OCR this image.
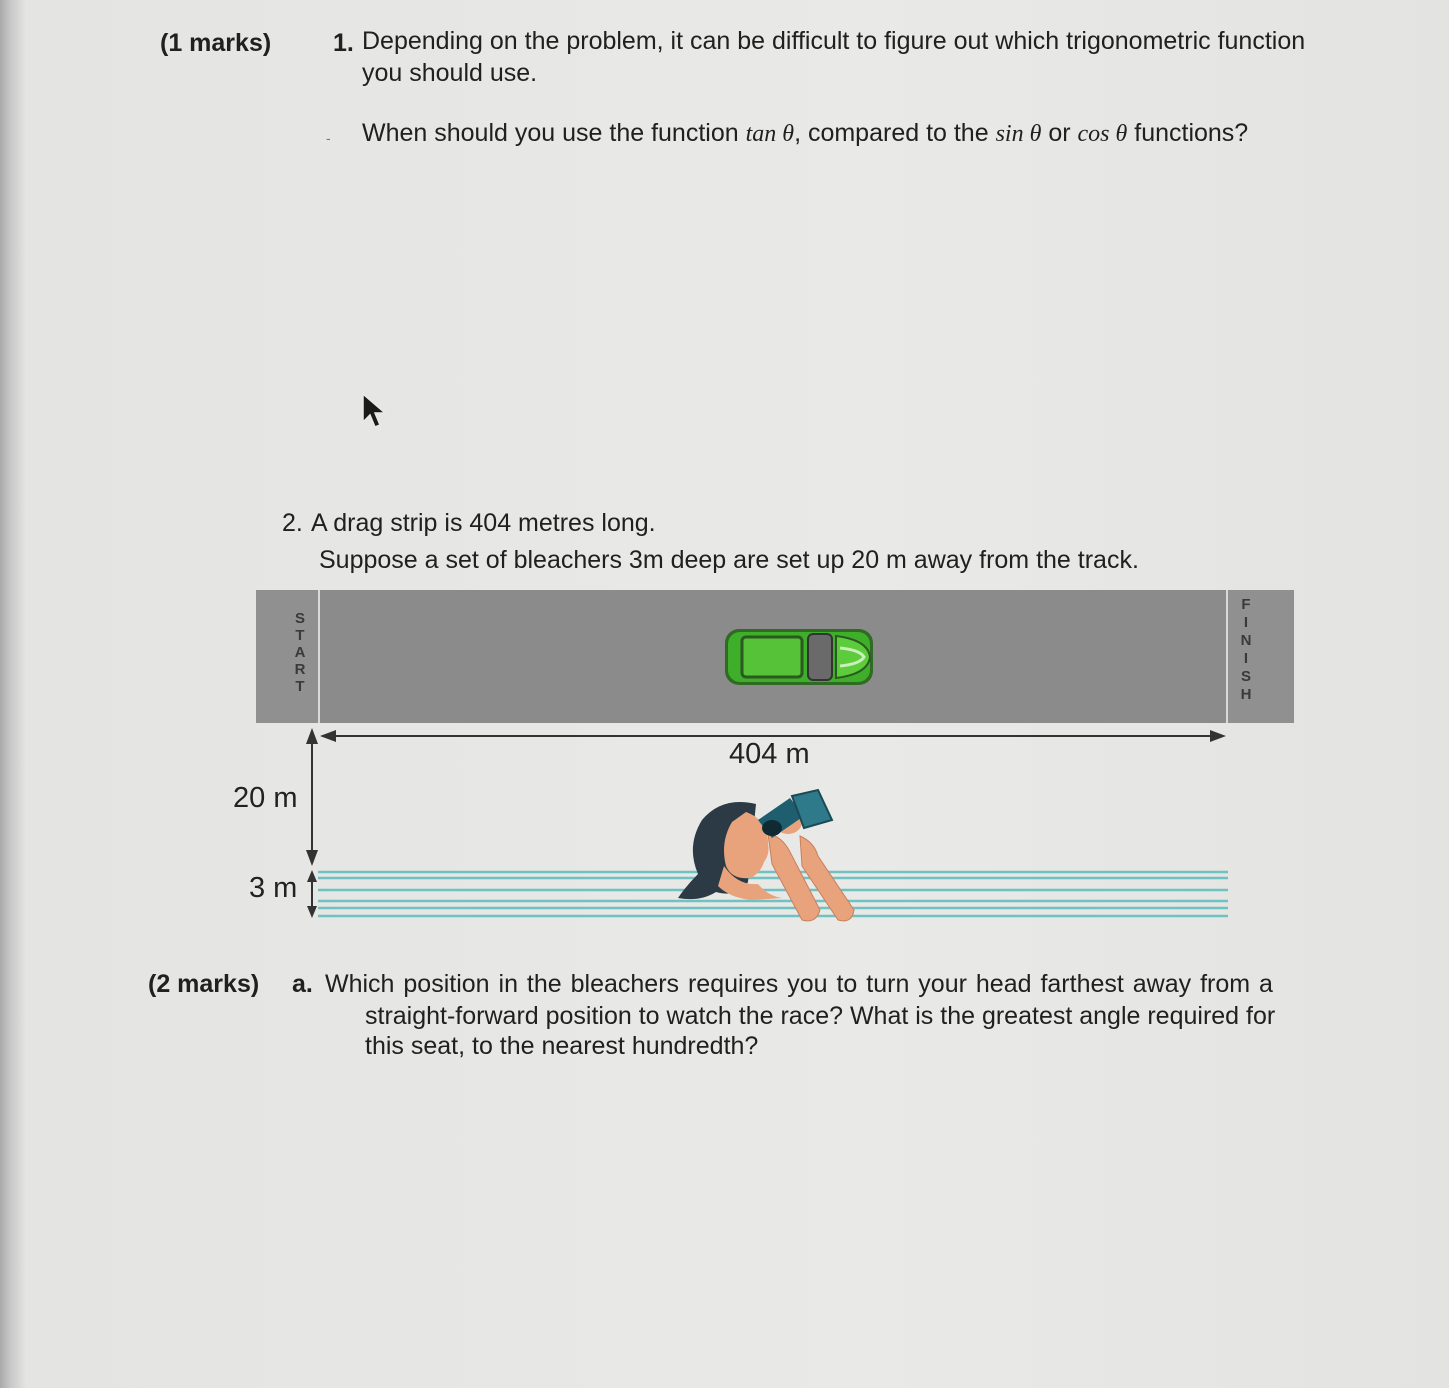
(1 marks) 1. Depending on the problem, it can be difficult to figure out which trigonometric function
you should use.
- When should you use the function tan θ, compared to the sin θ or cos θ functions?
2. A drag strip is 404 metres long.
Suppose a set of bleachers 3m deep are set up 20 m away from the track.
S
T
A
R
T
F
I
N
I
S
H
404 m
20 m
3 m
(2 marks) a. Which position in the bleachers requires you to turn your head farthest away from a
straight-forward position to watch the race? What is the greatest angle required for
this seat, to the nearest hundredth?
